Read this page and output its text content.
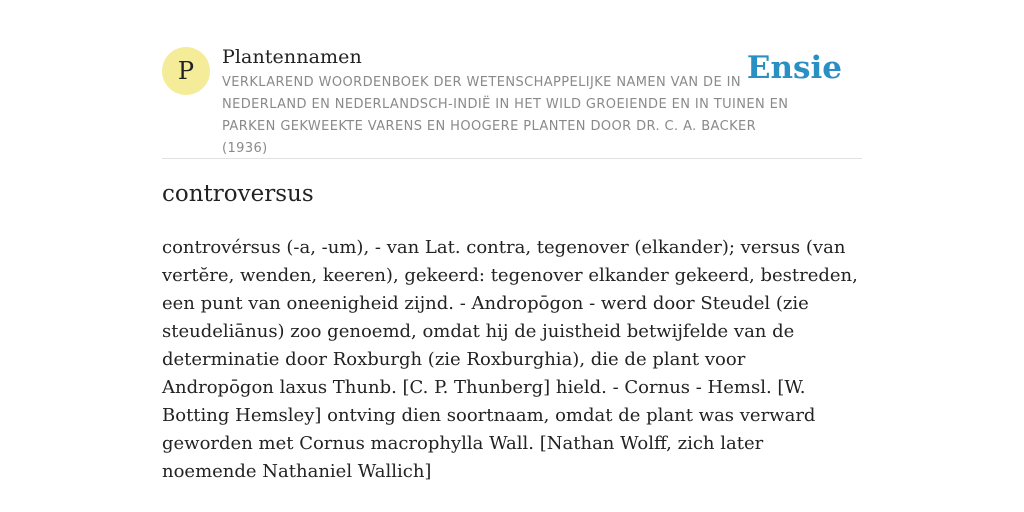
P	Plantennamen
VERKLAREND WOORDENBOEK DER WETENSCHAPPELIJKE NAMEN VAN DE IN NEDERLAND EN NEDERLANDSCH-INDIË IN HET WILD GROEIENDE EN IN TUINEN EN PARKEN GEKWEEKTE VARENS EN HOOGERE PLANTEN DOOR DR. C. A. BACKER (1936)
Ensie
controversus

controvérsus (-a, -um), - van Lat. contra, tegenover (elkander); versus (van vertĕre, wenden, keeren), gekeerd: tegenover elkander gekeerd, bestreden, een punt van oneenigheid zijnd. - Andropōgon - werd door Steudel (zie steudeliānus) zoo genoemd, omdat hij de juistheid betwijfelde van de determinatie door Roxburgh (zie Roxburghia), die de plant voor Andropōgon laxus Thunb. [C. P. Thunberg] hield. - Cornus - Hemsl. [W. Botting Hemsley] ontving dien soortnaam, omdat de plant was verward geworden met Cornus macrophylla Wall. [Nathan Wolff, zich later noemende Nathaniel Wallich]
